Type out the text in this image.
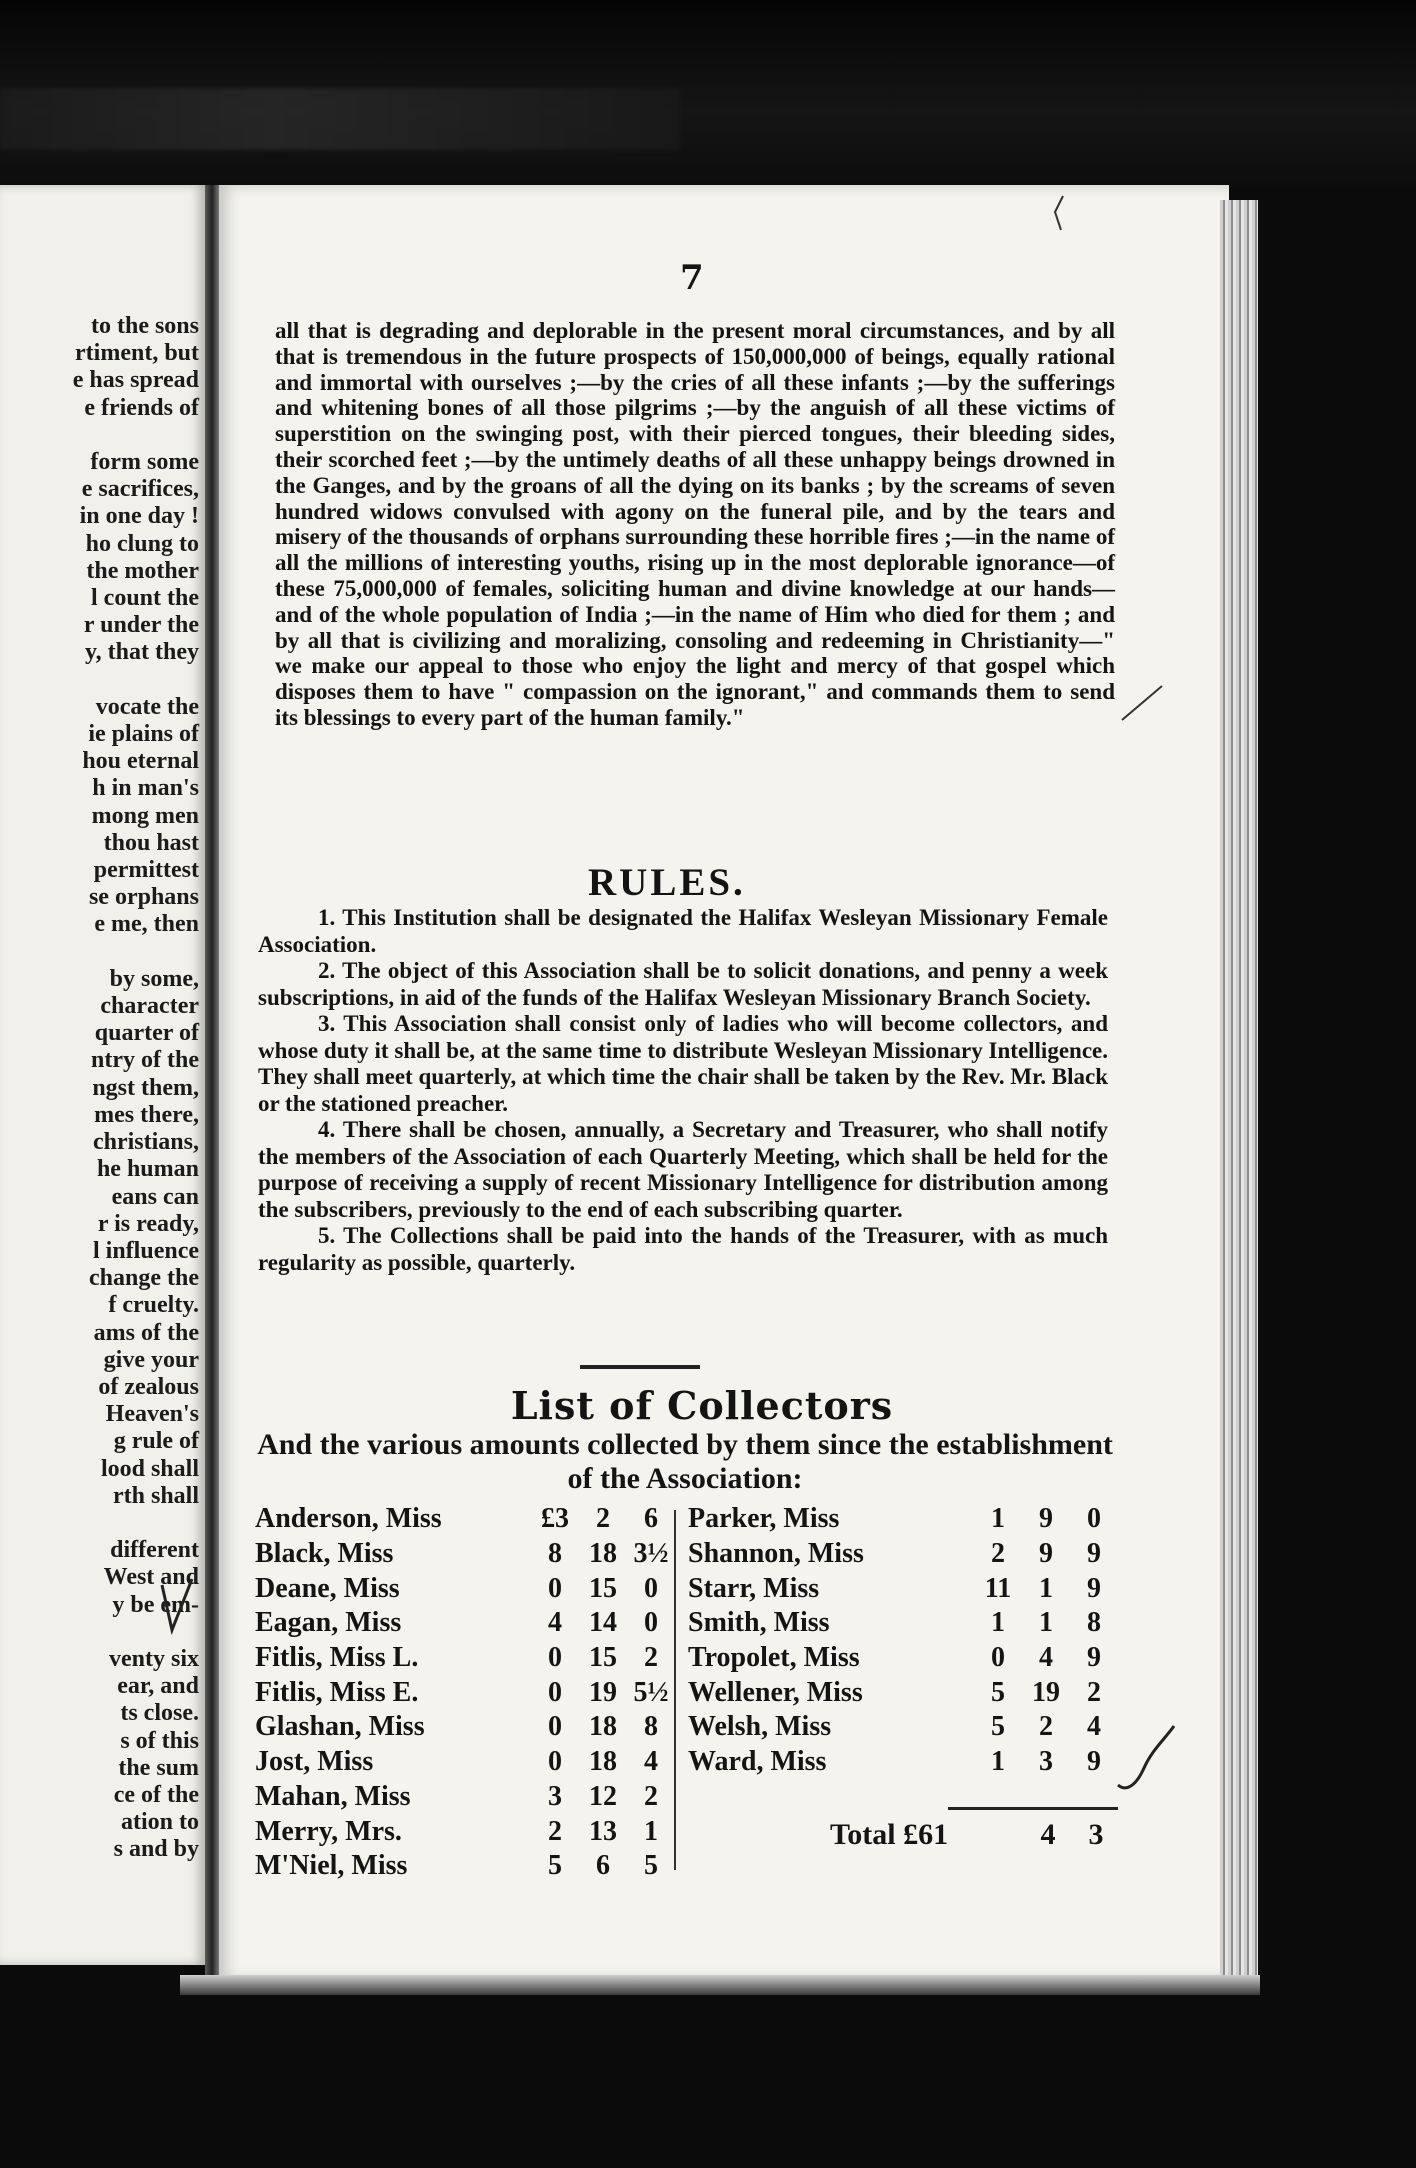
to the sons
rtiment, but
e has spread
e friends of

form some
e sacrifices,
in one day !
ho clung to
the mother
l count the
r under the
y, that they

vocate the
ie plains of
hou eternal
h in man's
mong men
thou hast
permittest
se orphans
e me, then

by some,
character
quarter of
ntry of the
ngst them,
mes there,
christians,
he human
eans can
r is ready,
l influence
change the
f cruelty.
ams of the
give your
of zealous
Heaven's
g rule of
lood shall
rth shall

different
West and
y be em-

venty six
ear, and
ts close.
s of this
the sum
ce of the
ation to
s and by
7
all that is degrading and deplorable in the present moral circumstances, and by all that is tremendous in the future prospects of 150,000,000 of beings, equally rational and immortal with ourselves ;—by the cries of all these infants ;—by the sufferings and whitening bones of all those pilgrims ;—by the anguish of all these victims of superstition on the swinging post, with their pierced tongues, their bleeding sides, their scorched feet ;—by the untimely deaths of all these unhappy beings drowned in the Ganges, and by the groans of all the dying on its banks ; by the screams of seven hundred widows convulsed with agony on the funeral pile, and by the tears and misery of the thousands of orphans surrounding these horrible fires ;—in the name of all the millions of interesting youths, rising up in the most deplorable ignorance—of these 75,000,000 of females, soliciting human and divine knowledge at our hands—and of the whole population of India ;—in the name of Him who died for them ; and by all that is civilizing and moralizing, consoling and redeeming in Christianity—" we make our appeal to those who enjoy the light and mercy of that gospel which disposes them to have " compassion on the ignorant," and commands them to send its blessings to every part of the human family."
RULES.

1. This Institution shall be designated the Halifax Wesleyan Missionary Female Association.

2. The object of this Association shall be to solicit donations, and penny a week subscriptions, in aid of the funds of the Halifax Wesleyan Missionary Branch Society.

3. This Association shall consist only of ladies who will become collectors, and whose duty it shall be, at the same time to distribute Wesleyan Missionary Intelligence. They shall meet quarterly, at which time the chair shall be taken by the Rev. Mr. Black or the stationed preacher.

4. There shall be chosen, annually, a Secretary and Treasurer, who shall notify the members of the Association of each Quarterly Meeting, which shall be held for the purpose of receiving a supply of recent Missionary Intelligence for distribution among the subscribers, previously to the end of each subscribing quarter.

5. The Collections shall be paid into the hands of the Treasurer, with as much regularity as possible, quarterly.

List of Collectors
And the various amounts collected by them since the establishment of the Association:
Anderson, Miss	£3 2	6
Black, Miss	8 18 3½
Deane, Miss	0 15 0
Eagan, Miss	4 14 0
Fitlis, Miss L.	0 15 2
Fitlis, Miss E.	0 19 5½
Glashan, Miss	0 18 8
Jost, Miss	0 18 4
Mahan, Miss	3 12 2
Merry, Mrs.	2 13 1
M'Niel, Miss	5	6	5
Parker, Miss	1	9	0
Shannon, Miss	2	9	9
Starr, Miss	11 1	9
Smith, Miss	1	1	8
Tropolet, Miss	0	4	9
Wellener, Miss	5 19 2
Welsh, Miss	5	2	4
Ward, Miss	1	3	9
Total £61	4	3
